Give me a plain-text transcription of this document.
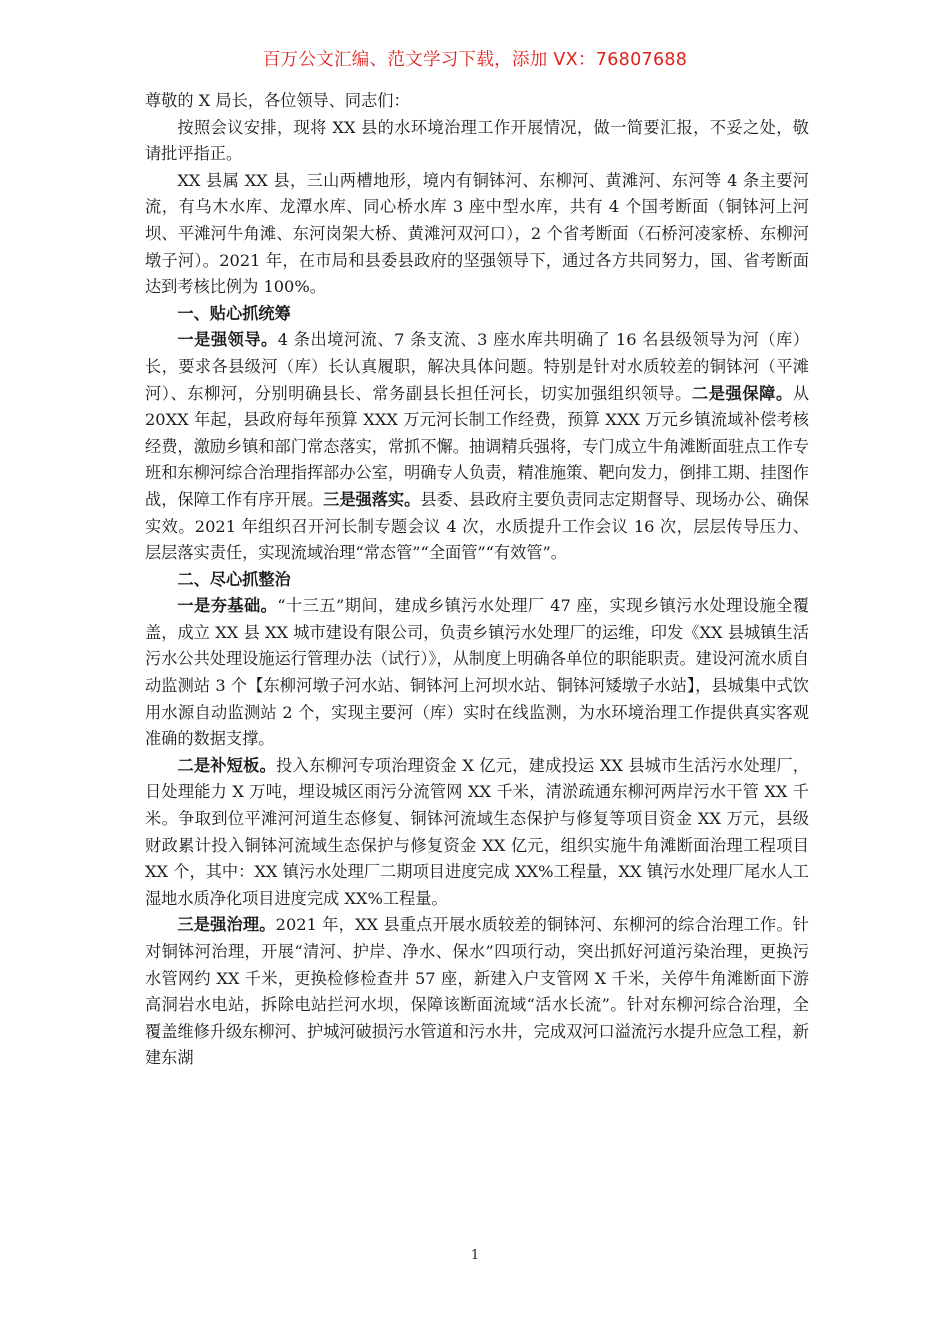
百万公文汇编、范文学习下载，添加 VX：76807688

尊敬的 X 局长，各位领导、同志们：

按照会议安排，现将 XX 县的水环境治理工作开展情况，做一简要汇报，不妥之处，敬请批评指正。

XX 县属 XX 县，三山两槽地形，境内有铜钵河、东柳河、黄滩河、东河等 4 条主要河流，有乌木水库、龙潭水库、同心桥水库 3 座中型水库，共有 4 个国考断面（铜钵河上河坝、平滩河牛角滩、东河岗架大桥、黄滩河双河口），2 个省考断面（石桥河凌家桥、东柳河墩子河）。2021 年，在市局和县委县政府的坚强领导下，通过各方共同努力，国、省考断面达到考核比例为 100%。

一、贴心抓统筹

一是强领导。4 条出境河流、7 条支流、3 座水库共明确了 16 名县级领导为河（库）长，要求各县级河（库）长认真履职，解决具体问题。特别是针对水质较差的铜钵河（平滩河）、东柳河，分别明确县长、常务副县长担任河长，切实加强组织领导。二是强保障。从 20XX 年起，县政府每年预算 XXX 万元河长制工作经费，预算 XXX 万元乡镇流域补偿考核经费，激励乡镇和部门常态落实，常抓不懈。抽调精兵强将，专门成立牛角滩断面驻点工作专班和东柳河综合治理指挥部办公室，明确专人负责，精准施策、靶向发力，倒排工期、挂图作战，保障工作有序开展。三是强落实。县委、县政府主要负责同志定期督导、现场办公、确保实效。2021 年组织召开河长制专题会议 4 次，水质提升工作会议 16 次，层层传导压力、层层落实责任，实现流域治理“常态管”“全面管”“有效管”。

二、尽心抓整治

一是夯基础。“十三五”期间，建成乡镇污水处理厂 47 座，实现乡镇污水处理设施全覆盖，成立 XX 县 XX 城市建设有限公司，负责乡镇污水处理厂的运维，印发《XX 县城镇生活污水公共处理设施运行管理办法（试行）》，从制度上明确各单位的职能职责。建设河流水质自动监测站 3 个【东柳河墩子河水站、铜钵河上河坝水站、铜钵河矮墩子水站】，县城集中式饮用水源自动监测站 2 个，实现主要河（库）实时在线监测，为水环境治理工作提供真实客观准确的数据支撑。

二是补短板。投入东柳河专项治理资金 X 亿元，建成投运 XX 县城市生活污水处理厂，日处理能力 X 万吨，埋设城区雨污分流管网 XX 千米，清淤疏通东柳河两岸污水干管 XX 千米。争取到位平滩河河道生态修复、铜钵河流域生态保护与修复等项目资金 XX 万元，县级财政累计投入铜钵河流域生态保护与修复资金 XX 亿元，组织实施牛角滩断面治理工程项目 XX 个，其中：XX 镇污水处理厂二期项目进度完成 XX%工程量，XX 镇污水处理厂尾水人工湿地水质净化项目进度完成 XX%工程量。

三是强治理。2021 年，XX 县重点开展水质较差的铜钵河、东柳河的综合治理工作。针对铜钵河治理，开展“清河、护岸、净水、保水”四项行动，突出抓好河道污染治理，更换污水管网约 XX 千米，更换检修检查井 57 座，新建入户支管网 X 千米，关停牛角滩断面下游高洞岩水电站，拆除电站拦河水坝，保障该断面流域“活水长流”。针对东柳河综合治理，全覆盖维修升级东柳河、护城河破损污水管道和污水井，完成双河口溢流污水提升应急工程，新建东湖

1
